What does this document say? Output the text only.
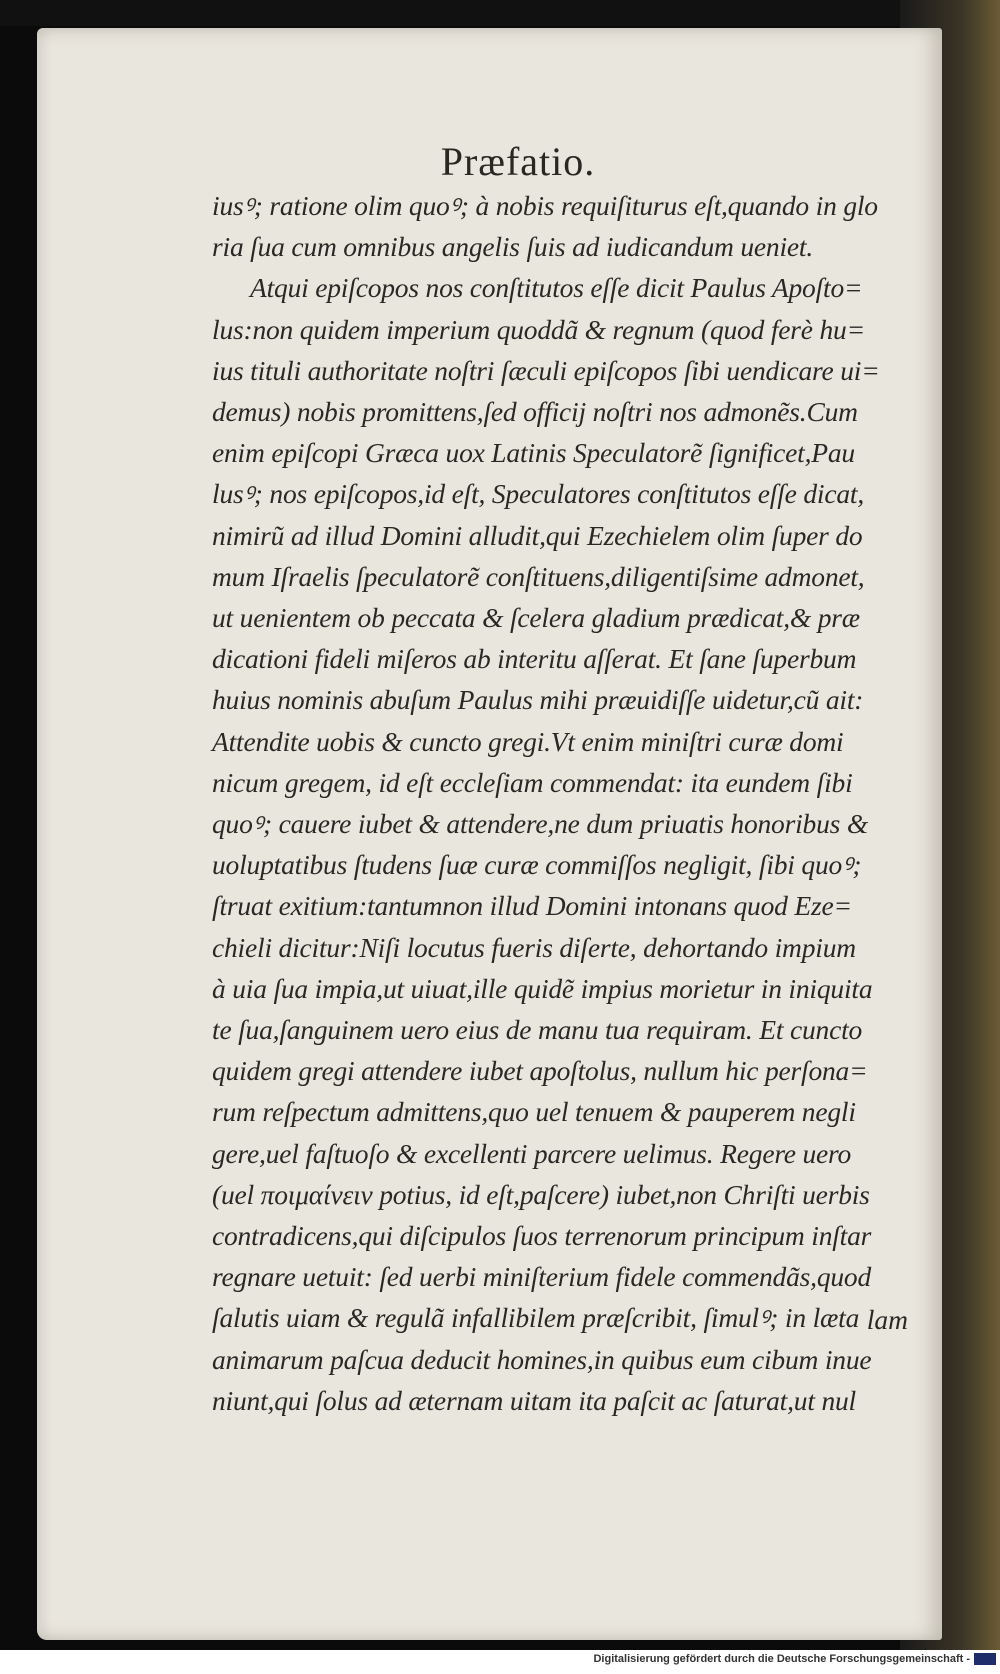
Præfatio.
iusꝰ; ratione olim quoꝰ; à nobis requiſiturus eſt,quando in glo
ria ſua cum omnibus angelis ſuis ad iudicandum ueniet.
Atqui epiſcopos nos conſtitutos eſſe dicit Paulus Apoſto=
lus:non quidem imperium quoddã & regnum (quod ferè hu=
ius tituli authoritate noſtri ſæculi epiſcopos ſibi uendicare ui=
demus) nobis promittens,ſed officij noſtri nos admonẽs.Cum
enim epiſcopi Græca uox Latinis Speculatorẽ ſignificet,Pau
lusꝰ; nos epiſcopos,id eſt, Speculatores conſtitutos eſſe dicat,
nimirũ ad illud Domini alludit,qui Ezechielem olim ſuper do
mum Iſraelis ſpeculatorẽ conſtituens,diligentiſsime admonet,
ut uenientem ob peccata & ſcelera gladium prædicat,& præ
dicationi fideli miſeros ab interitu aſſerat. Et ſane ſuperbum
huius nominis abuſum Paulus mihi præuidiſſe uidetur,cũ ait:
Attendite uobis & cuncto gregi.Vt enim miniſtri curæ domi
nicum gregem, id eſt eccleſiam commendat: ita eundem ſibi
quoꝰ; cauere iubet & attendere,ne dum priuatis honoribus &
uoluptatibus ſtudens ſuæ curæ commiſſos negligit, ſibi quoꝰ;
ſtruat exitium:tantumnon illud Domini intonans quod Eze=
chieli dicitur:Niſi locutus fueris diſerte, dehortando impium
à uia ſua impia,ut uiuat,ille quidẽ impius morietur in iniquita
te ſua,ſanguinem uero eius de manu tua requiram. Et cuncto
quidem gregi attendere iubet apoſtolus, nullum hic perſona=
rum reſpectum admittens,quo uel tenuem & pauperem negli
gere,uel faſtuoſo & excellenti parcere uelimus. Regere uero
(uel ποιμαίνειν potius, id eſt,paſcere) iubet,non Chriſti uerbis
contradicens,qui diſcipulos ſuos terrenorum principum inſtar
regnare uetuit: ſed uerbi miniſterium fidele commendãs,quod
ſalutis uiam & regulã infallibilem præſcribit, ſimulꝰ; in læta
animarum paſcua deducit homines,in quibus eum cibum inue
niunt,qui ſolus ad æternam uitam ita paſcit ac ſaturat,ut nul
lam
Digitalisierung gefördert durch die Deutsche Forschungsgemeinschaft -
